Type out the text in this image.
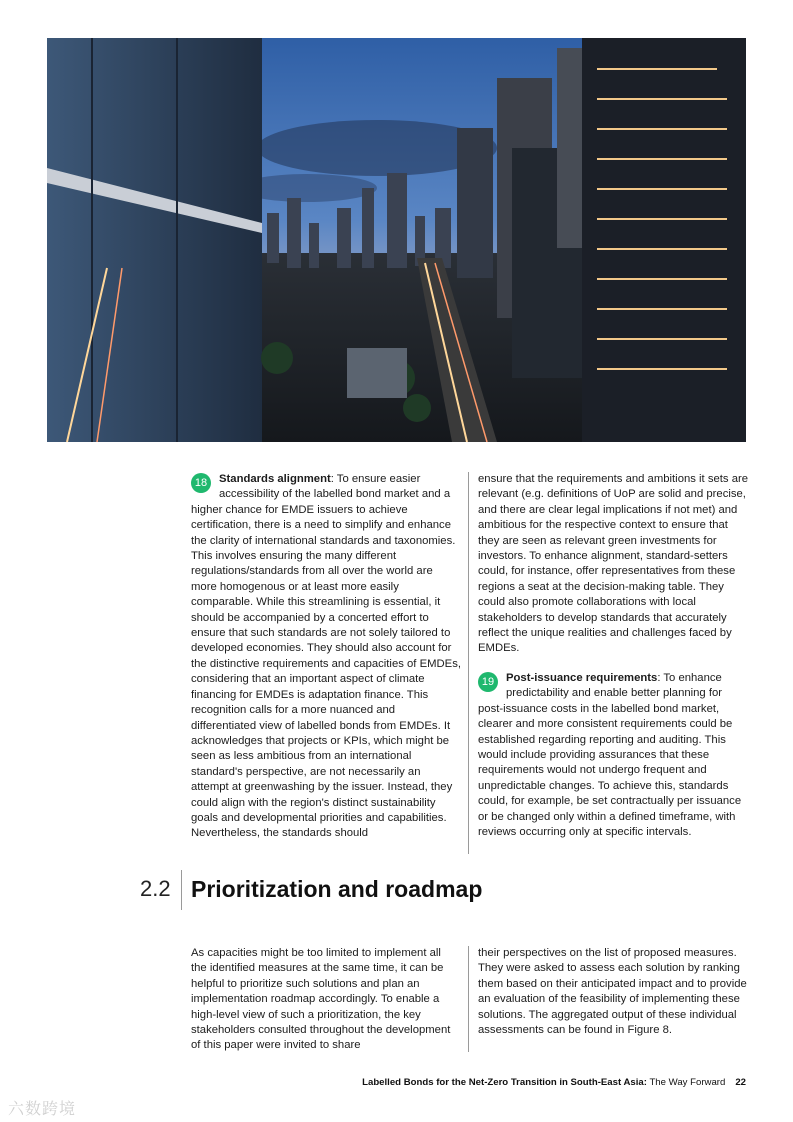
18	Standards alignment: To ensure easier accessibility of the labelled bond market and a higher chance for EMDE issuers to achieve certification, there is a need to simplify and enhance the clarity of international standards and taxonomies. This involves ensuring the many different regulations/standards from all over the world are more homogenous or at least more easily comparable. While this streamlining is essential, it should be accompanied by a concerted effort to ensure that such standards are not solely tailored to developed economies. They should also account for the distinctive requirements and capacities of EMDEs, considering that an important aspect of climate financing for EMDEs is adaptation finance. This recognition calls for a more nuanced and differentiated view of labelled bonds from EMDEs. It acknowledges that projects or KPIs, which might be seen as less ambitious from an international standard's perspective, are not necessarily an attempt at greenwashing by the issuer. Instead, they could align with the region's distinct sustainability goals and developmental priorities and capabilities. Nevertheless, the standards should

ensure that the requirements and ambitions it sets are relevant (e.g. definitions of UoP are solid and precise, and there are clear legal implications if not met) and ambitious for the respective context to ensure that they are seen as relevant green investments for investors. To enhance alignment, standard-setters could, for instance, offer representatives from these regions a seat at the decision-making table. They could also promote collaborations with local stakeholders to develop standards that accurately reflect the unique realities and challenges faced by EMDEs.

19	Post-issuance requirements: To enhance predictability and enable better planning for post-issuance costs in the labelled bond market, clearer and more consistent requirements could be established regarding reporting and auditing. This would include providing assurances that these requirements would not undergo frequent and unpredictable changes. To achieve this, standards could, for example, be set contractually per issuance or be changed only within a defined timeframe, with reviews occurring only at specific intervals.

2.2 Prioritization and roadmap

As capacities might be too limited to implement all the identified measures at the same time, it can be helpful to prioritize such solutions and plan an implementation roadmap accordingly. To enable a high-level view of such a prioritization, the key stakeholders consulted throughout the development of this paper were invited to share

their perspectives on the list of proposed measures. They were asked to assess each solution by ranking them based on their anticipated impact and to provide an evaluation of the feasibility of implementing these solutions. The aggregated output of these individual assessments can be found in Figure 8.

Labelled Bonds for the Net-Zero Transition in South-East Asia: The Way Forward 22
六数跨境
